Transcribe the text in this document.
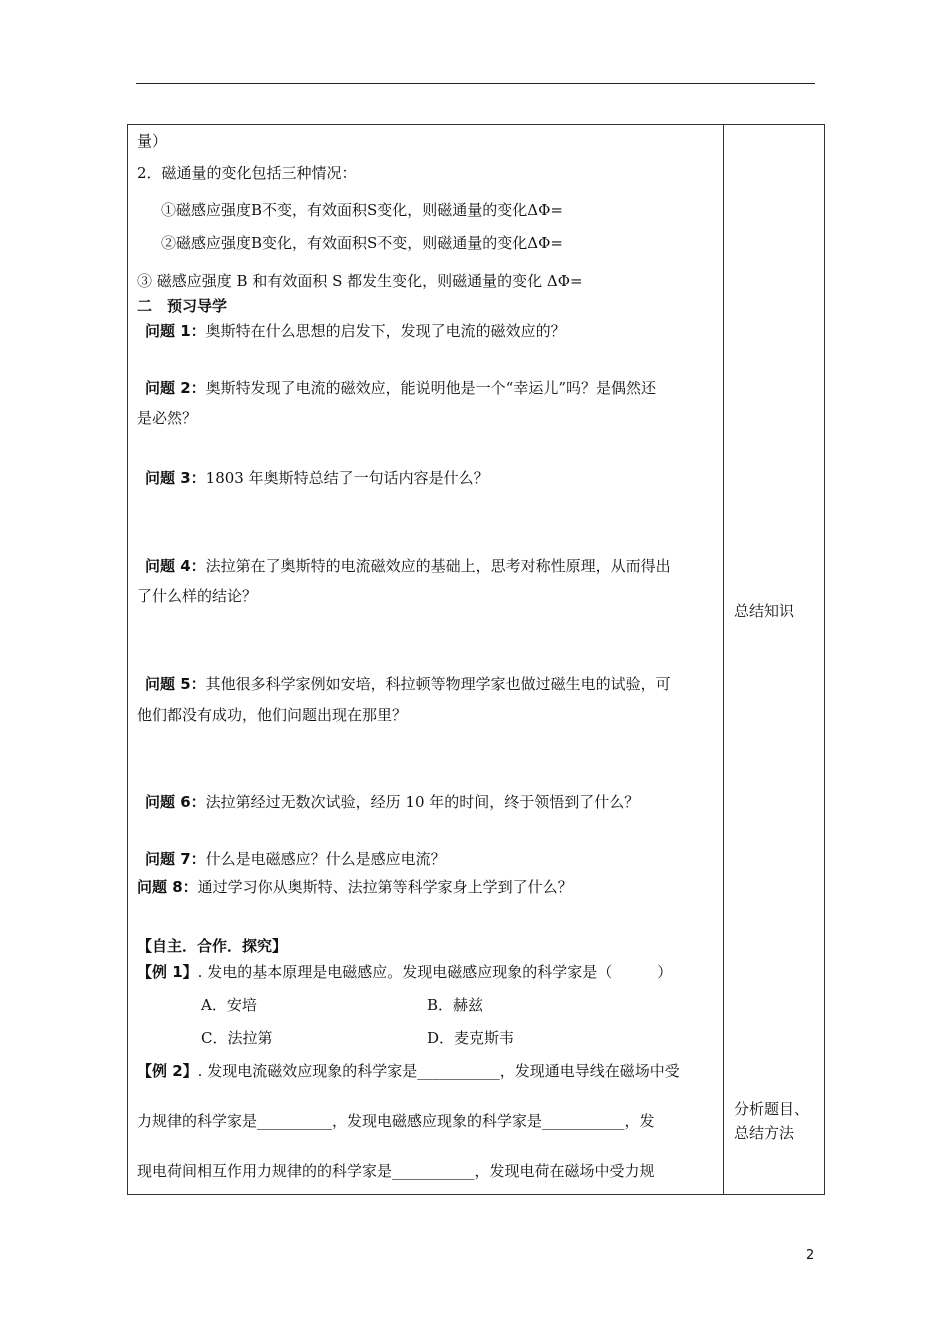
量）
2．磁通量的变化包括三种情况：
①磁感应强度B不变，有效面积S变化，则磁通量的变化ΔΦ=
②磁感应强度B变化，有效面积S不变，则磁通量的变化ΔΦ=
③ 磁感应强度 B 和有效面积 S 都发生变化，则磁通量的变化 ΔΦ=
二　预习导学
问题 1：奥斯特在什么思想的启发下，发现了电流的磁效应的？
问题 2：奥斯特发现了电流的磁效应，能说明他是一个“幸运儿”吗？是偶然还
是必然？
问题 3：1803 年奥斯特总结了一句话内容是什么？
问题 4：法拉第在了奥斯特的电流磁效应的基础上，思考对称性原理，从而得出
了什么样的结论？
问题 5：其他很多科学家例如安培，科拉顿等物理学家也做过磁生电的试验，可
他们都没有成功，他们问题出现在那里？
问题 6：法拉第经过无数次试验，经历 10 年的时间，终于领悟到了什么？
问题 7：什么是电磁感应？什么是感应电流？
问题 8：通过学习你从奥斯特、法拉第等科学家身上学到了什么？
【自主．合作．探究】
【例 1】. 发电的基本原理是电磁感应。发现电磁感应现象的科学家是（　　　）
A．安培	B．赫兹
C．法拉第	D．麦克斯韦
【例 2】. 发现电流磁效应现象的科学家是___________，发现通电导线在磁场中受
力规律的科学家是__________，发现电磁感应现象的科学家是___________，发
现电荷间相互作用力规律的的科学家是___________，发现电荷在磁场中受力规
总结知识
分析题目、
总结方法
2
